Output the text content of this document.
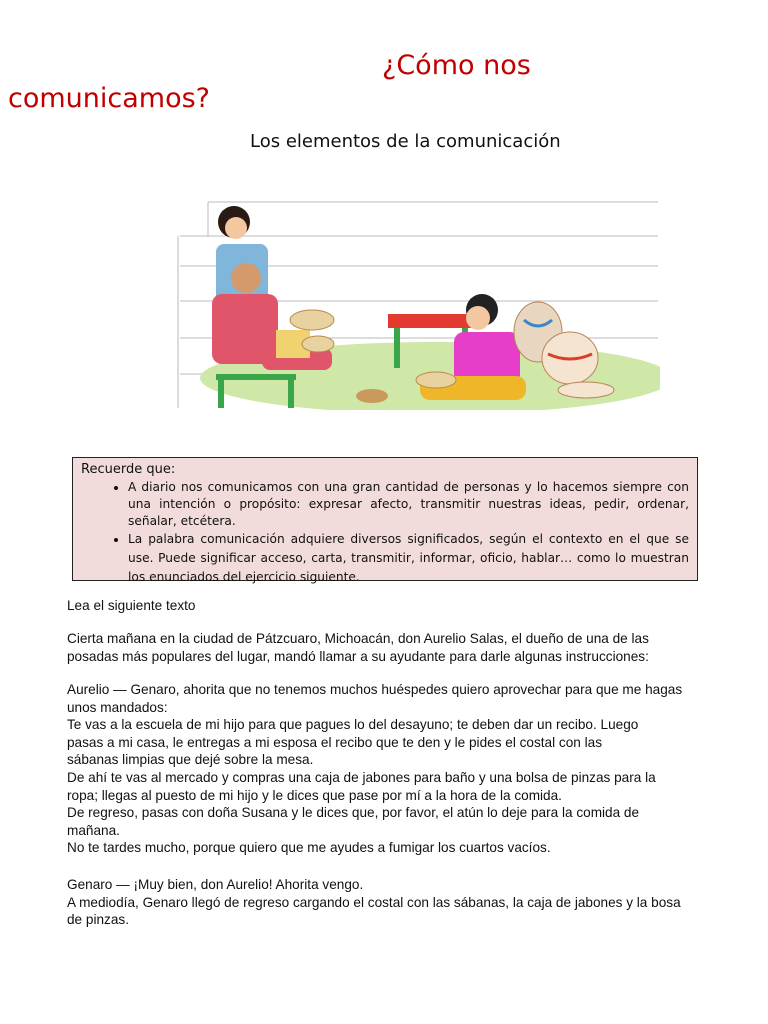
¿Cómo nos
comunicamos?
Los elementos de la comunicación
Recuerde que:
• A diario nos comunicamos con una gran cantidad de personas y lo hacemos siempre con una intención o propósito: expresar afecto, transmitir nuestras ideas, pedir, ordenar, señalar, etcétera.
• La palabra comunicación adquiere diversos significados, según el contexto en el que se use. Puede significar acceso, carta, transmitir, informar, oficio, hablar… como lo muestran los enunciados del ejercicio siguiente.
Lea el siguiente texto
Cierta mañana en la ciudad de Pátzcuaro, Michoacán, don Aurelio Salas, el dueño de una de las
posadas más populares del lugar, mandó llamar a su ayudante para darle algunas instrucciones:
Aurelio — Genaro, ahorita que no tenemos muchos huéspedes quiero aprovechar para que me hagas
unos mandados:
Te vas a la escuela de mi hijo para que pagues lo del desayuno; te deben dar un recibo. Luego
pasas a mi casa, le entregas a mi esposa el recibo que te den y le pides el costal con las
sábanas limpias que dejé sobre la mesa.
De ahí te vas al mercado y compras una caja de jabones para baño y una bolsa de pinzas para la
ropa; llegas al puesto de mi hijo y le dices que pase por mí a la hora de la comida.
De regreso, pasas con doña Susana y le dices que, por favor, el atún lo deje para la comida de
mañana.
No te tardes mucho, porque quiero que me ayudes a fumigar los cuartos vacíos.
Genaro — ¡Muy bien, don Aurelio! Ahorita vengo.
A mediodía, Genaro llegó de regreso cargando el costal con las sábanas, la caja de jabones y la bosa
de pinzas.
